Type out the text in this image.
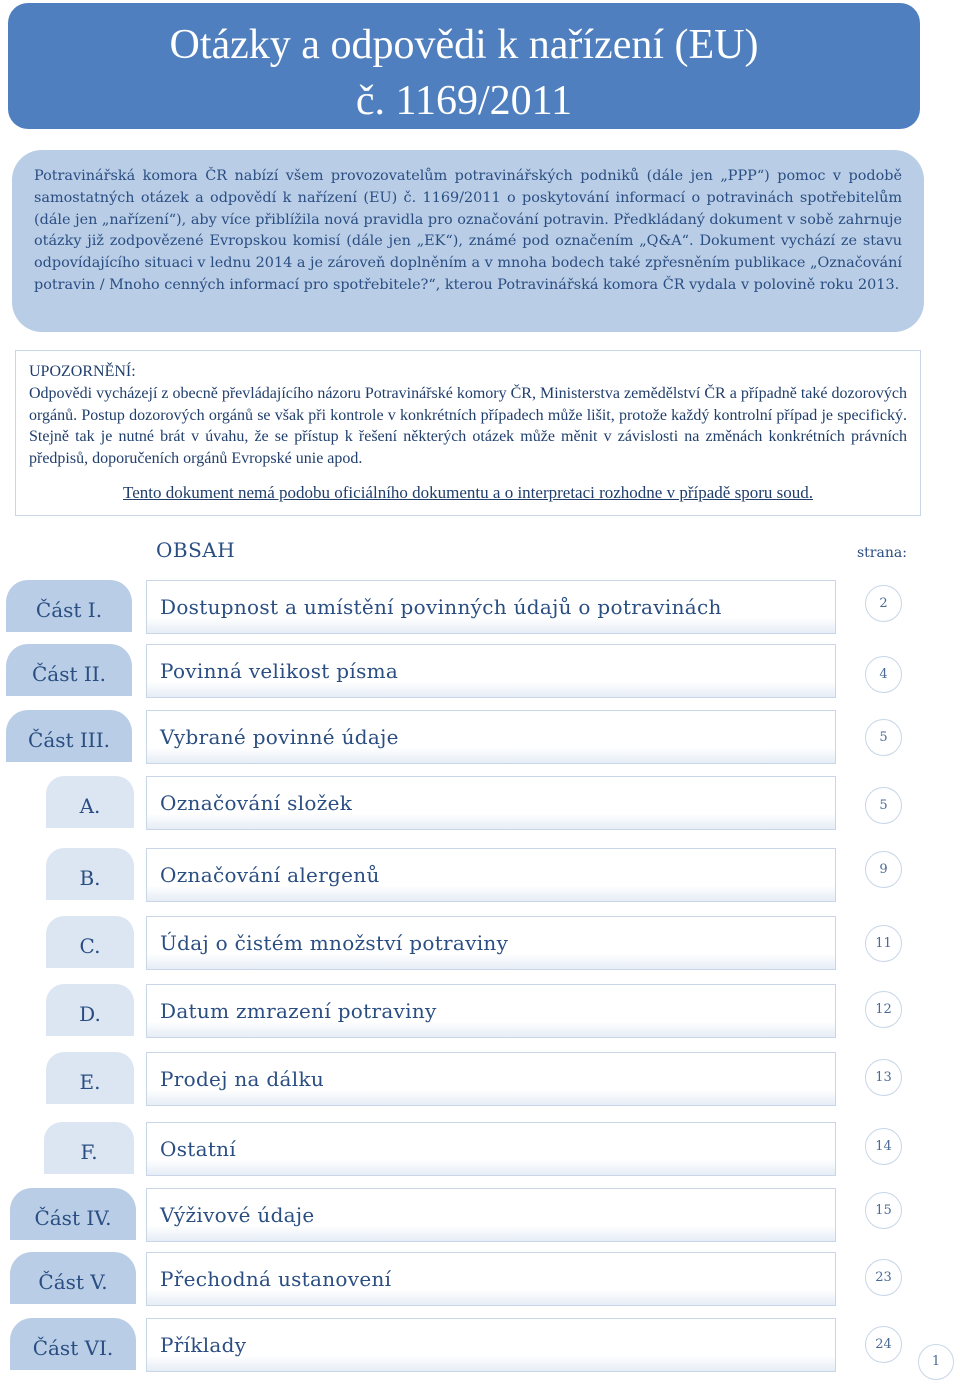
Otázky a odpovědi k nařízení (EU)
č. 1169/2011
Potravinářská komora ČR nabízí všem provozovatelům potravinářských podniků (dále jen „PPP“) pomoc v podobě samostatných otázek a odpovědí k nařízení (EU) č. 1169/2011 o poskytování informací o potravinách spotřebitelům (dále jen „nařízení“), aby více přiblížila nová pravidla pro označování potravin. Předkládaný dokument v sobě zahrnuje otázky již zodpovězené Evropskou komisí (dále jen „EK“), známé pod označením „Q&A“. Dokument vychází ze stavu odpovídajícího situaci v lednu 2014 a je zároveň doplněním a v mnoha bodech také zpřesněním publikace „Označování potravin / Mnoho cenných informací pro spotřebitele?“, kterou Potravinářská komora ČR vydala v polovině roku 2013.
UPOZORNĚNÍ:
Odpovědi vycházejí z obecně převládajícího názoru Potravinářské komory ČR, Ministerstva zemědělství ČR a případně také dozorových orgánů. Postup dozorových orgánů se však při kontrole v konkrétních případech může lišit, protože každý kontrolní případ je specifický. Stejně tak je nutné brát v úvahu, že se přístup k řešení některých otázek může měnit v závislosti na změnách konkrétních právních předpisů, doporučeních orgánů Evropské unie apod.
Tento dokument nemá podobu oficiálního dokumentu a o interpretaci rozhodne v případě sporu soud.
OBSAH	strana:
Část I.	Dostupnost a umístění povinných údajů o potravinách	2
Část II.	Povinná velikost písma	4
Část III.	Vybrané povinné údaje	5
A.	Označování složek	5
B.	Označování alergenů	9
C.	Údaj o čistém množství potraviny	11
D.	Datum zmrazení potraviny	12
E.	Prodej na dálku	13
F.	Ostatní	14
Část IV.	Výživové údaje	15
Část V.	Přechodná ustanovení	23
Část VI.	Příklady	24
1
